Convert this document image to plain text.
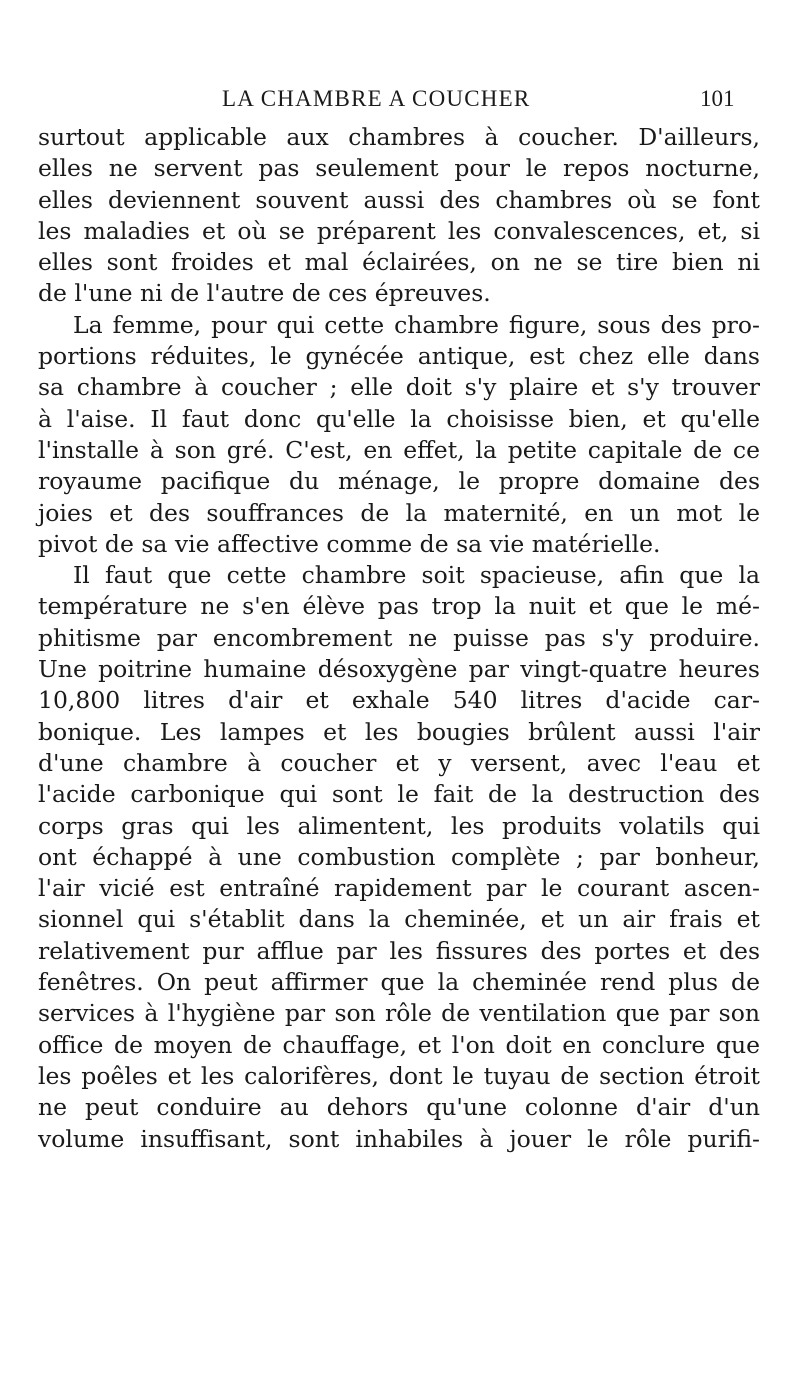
LA CHAMBRE A COUCHER	101
surtout applicable aux chambres à coucher. D'ailleurs,
elles ne servent pas seulement pour le repos nocturne,
elles deviennent souvent aussi des chambres où se font
les maladies et où se préparent les convalescences, et, si
elles sont froides et mal éclairées, on ne se tire bien ni
de l'une ni de l'autre de ces épreuves.
La femme, pour qui cette chambre figure, sous des pro-
portions réduites, le gynécée antique, est chez elle dans
sa chambre à coucher ; elle doit s'y plaire et s'y trouver
à l'aise. Il faut donc qu'elle la choisisse bien, et qu'elle
l'installe à son gré. C'est, en effet, la petite capitale de ce
royaume pacifique du ménage, le propre domaine des
joies et des souffrances de la maternité, en un mot le
pivot de sa vie affective comme de sa vie matérielle.
Il faut que cette chambre soit spacieuse, afin que la
température ne s'en élève pas trop la nuit et que le mé-
phitisme par encombrement ne puisse pas s'y produire.
Une poitrine humaine désoxygène par vingt-quatre heures
10,800 litres d'air et exhale 540 litres d'acide car-
bonique. Les lampes et les bougies brûlent aussi l'air
d'une chambre à coucher et y versent, avec l'eau et
l'acide carbonique qui sont le fait de la destruction des
corps gras qui les alimentent, les produits volatils qui
ont échappé à une combustion complète ; par bonheur,
l'air vicié est entraîné rapidement par le courant ascen-
sionnel qui s'établit dans la cheminée, et un air frais et
relativement pur afflue par les fissures des portes et des
fenêtres. On peut affirmer que la cheminée rend plus de
services à l'hygiène par son rôle de ventilation que par son
office de moyen de chauffage, et l'on doit en conclure que
les poêles et les calorifères, dont le tuyau de section étroit
ne peut conduire au dehors qu'une colonne d'air d'un
volume insuffisant, sont inhabiles à jouer le rôle purifi-
